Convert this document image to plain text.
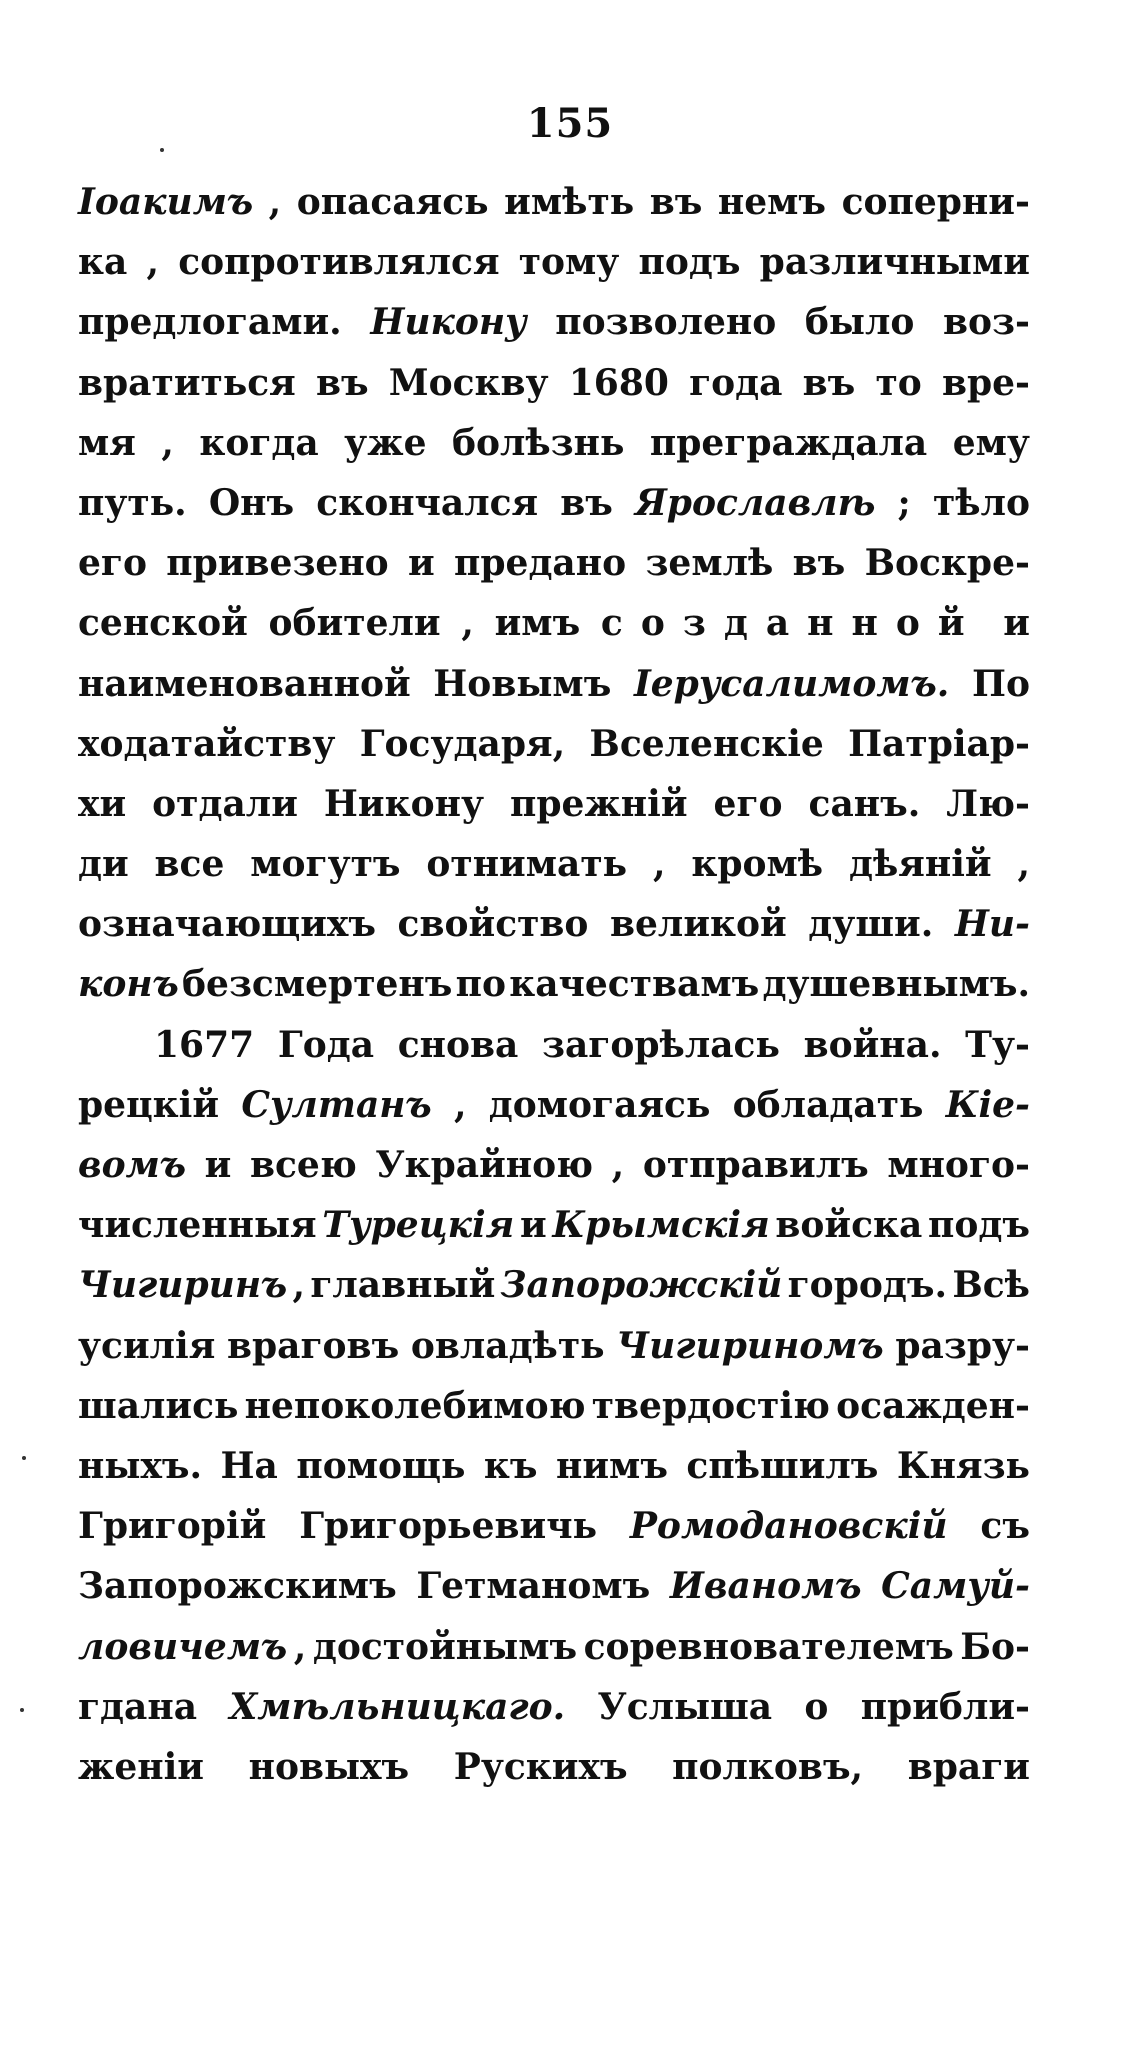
155
Іоакимъ , опасаясь имѣть въ немъ соперни-
ка , сопротивлялся тому подъ различными
предлогами. Никону позволено было воз-
вратиться въ Москву 1680 года въ то вре-
мя , когда уже болѣзнь преграждала ему
путь. Онъ скончался въ Ярославлѣ ; тѣло
его привезено и предано землѣ въ Воскре-
сенской обители , имъ созданной и
наименованной Новымъ Іерусалимомъ. По
ходатайству Государя, Вселенскіе Патріар-
хи отдали Никону прежній его санъ. Лю-
ди все могутъ отнимать , кромѣ дѣяній ,
означающихъ свойство великой души. Ни-
конъ безсмертенъ по качествамъ душевнымъ.
1677 Года снова загорѣлась война. Ту-
рецкій Султанъ , домогаясь обладать Кіе-
вомъ и всею Украйною , отправилъ много-
численныя Турецкія и Крымскія войска подъ
Чигиринъ , главный Запорожскій городъ. Всѣ
усилія враговъ овладѣть Чигириномъ разру-
шались непоколебимою твердостію осажден-
ныхъ. На помощь къ нимъ спѣшилъ Князь
Григорій Григорьевичь Ромодановскій съ
Запорожскимъ Гетманомъ Иваномъ Самуй-
ловичемъ , достойнымъ соревнователемъ Бо-
гдана Хмѣльницкаго. Услыша о прибли-
женіи новыхъ Рускихъ полковъ, враги
